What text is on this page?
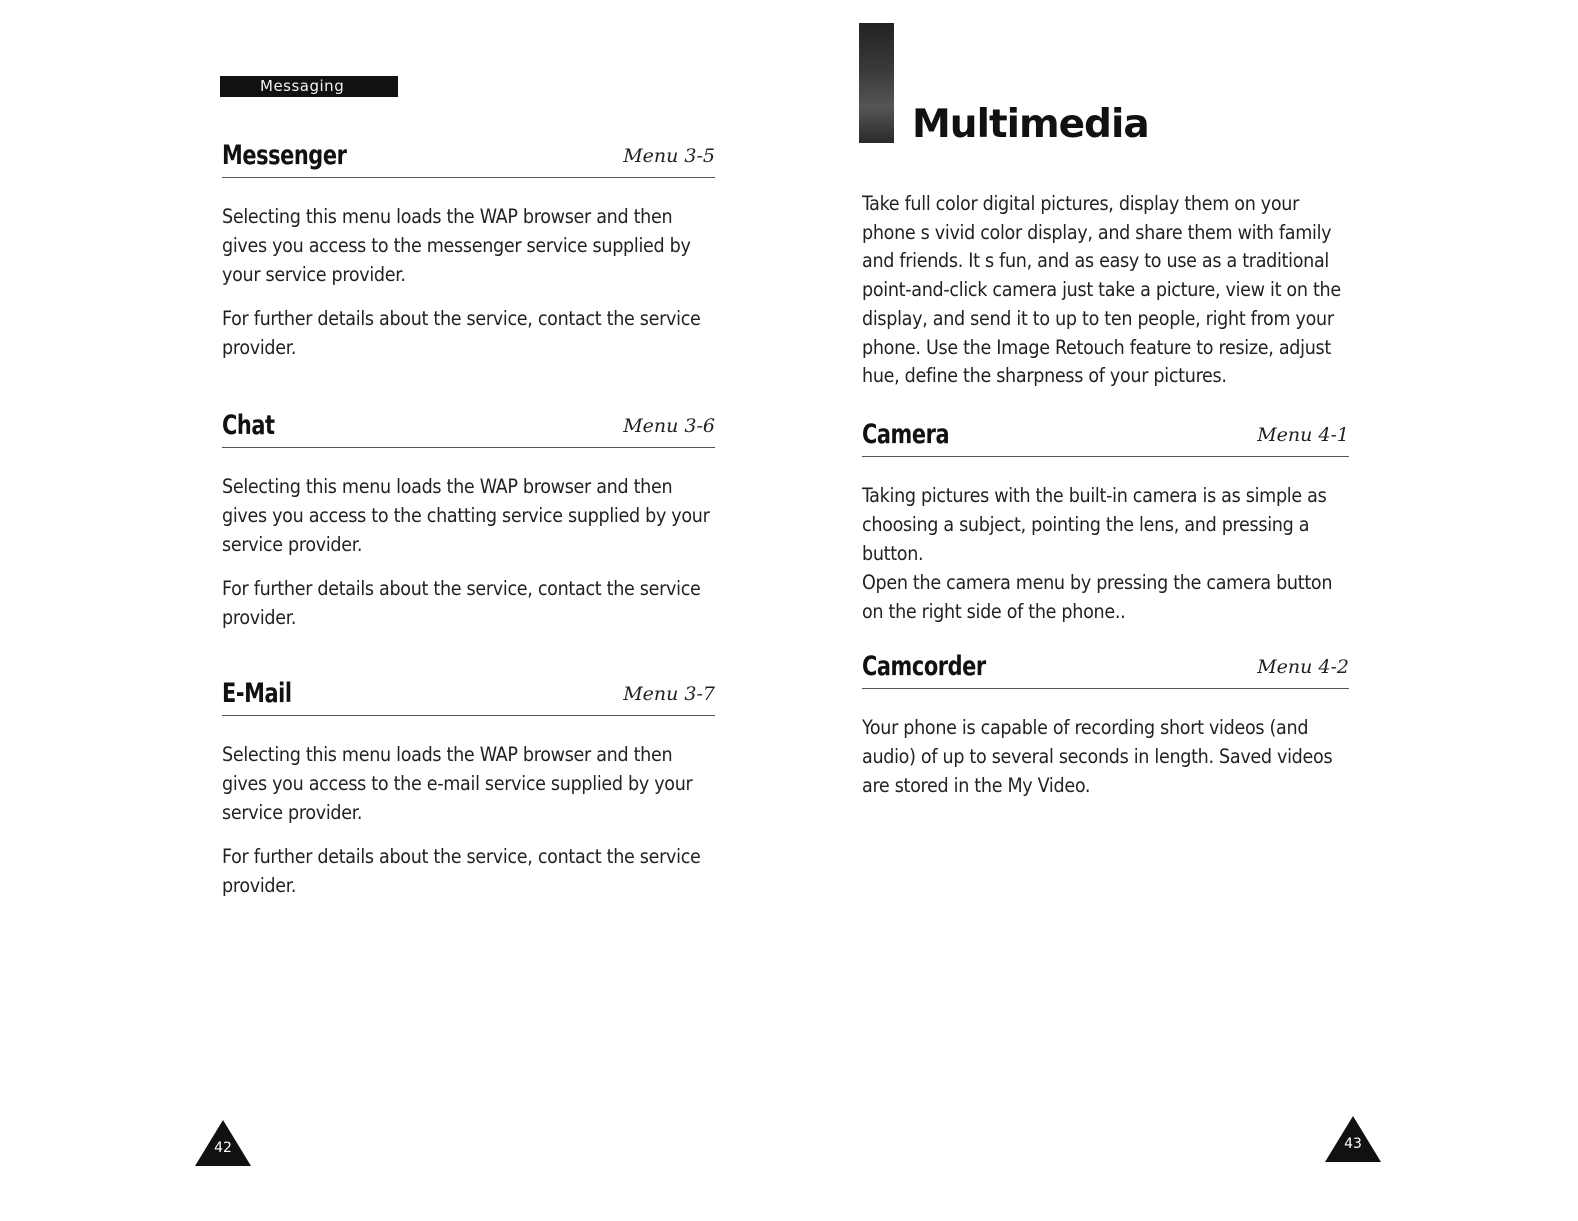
Messaging
Messenger	Menu 3-5

Selecting this menu loads the WAP browser and then gives you access to the messenger service supplied by your service provider.

For further details about the service, contact the service provider.

Chat	Menu 3-6

Selecting this menu loads the WAP browser and then gives you access to the chatting service supplied by your service provider.

For further details about the service, contact the service provider.

E-Mail	Menu 3-7

Selecting this menu loads the WAP browser and then gives you access to the e-mail service supplied by your service provider.

For further details about the service, contact the service provider.

42
Multimedia

Take full color digital pictures, display them on your phone s vivid color display, and share them with family and friends. It s fun, and as easy to use as a traditional point-and-click camera just take a picture, view it on the display, and send it to up to ten people, right from your phone. Use the Image Retouch feature to resize, adjust hue, define the sharpness of your pictures.

Camera	Menu 4-1

Taking pictures with the built-in camera is as simple as choosing a subject, pointing the lens, and pressing a button.

Open the camera menu by pressing the camera button on the right side of the phone..

Camcorder	Menu 4-2

Your phone is capable of recording short videos (and audio) of up to several seconds in length. Saved videos are stored in the My Video.

43
